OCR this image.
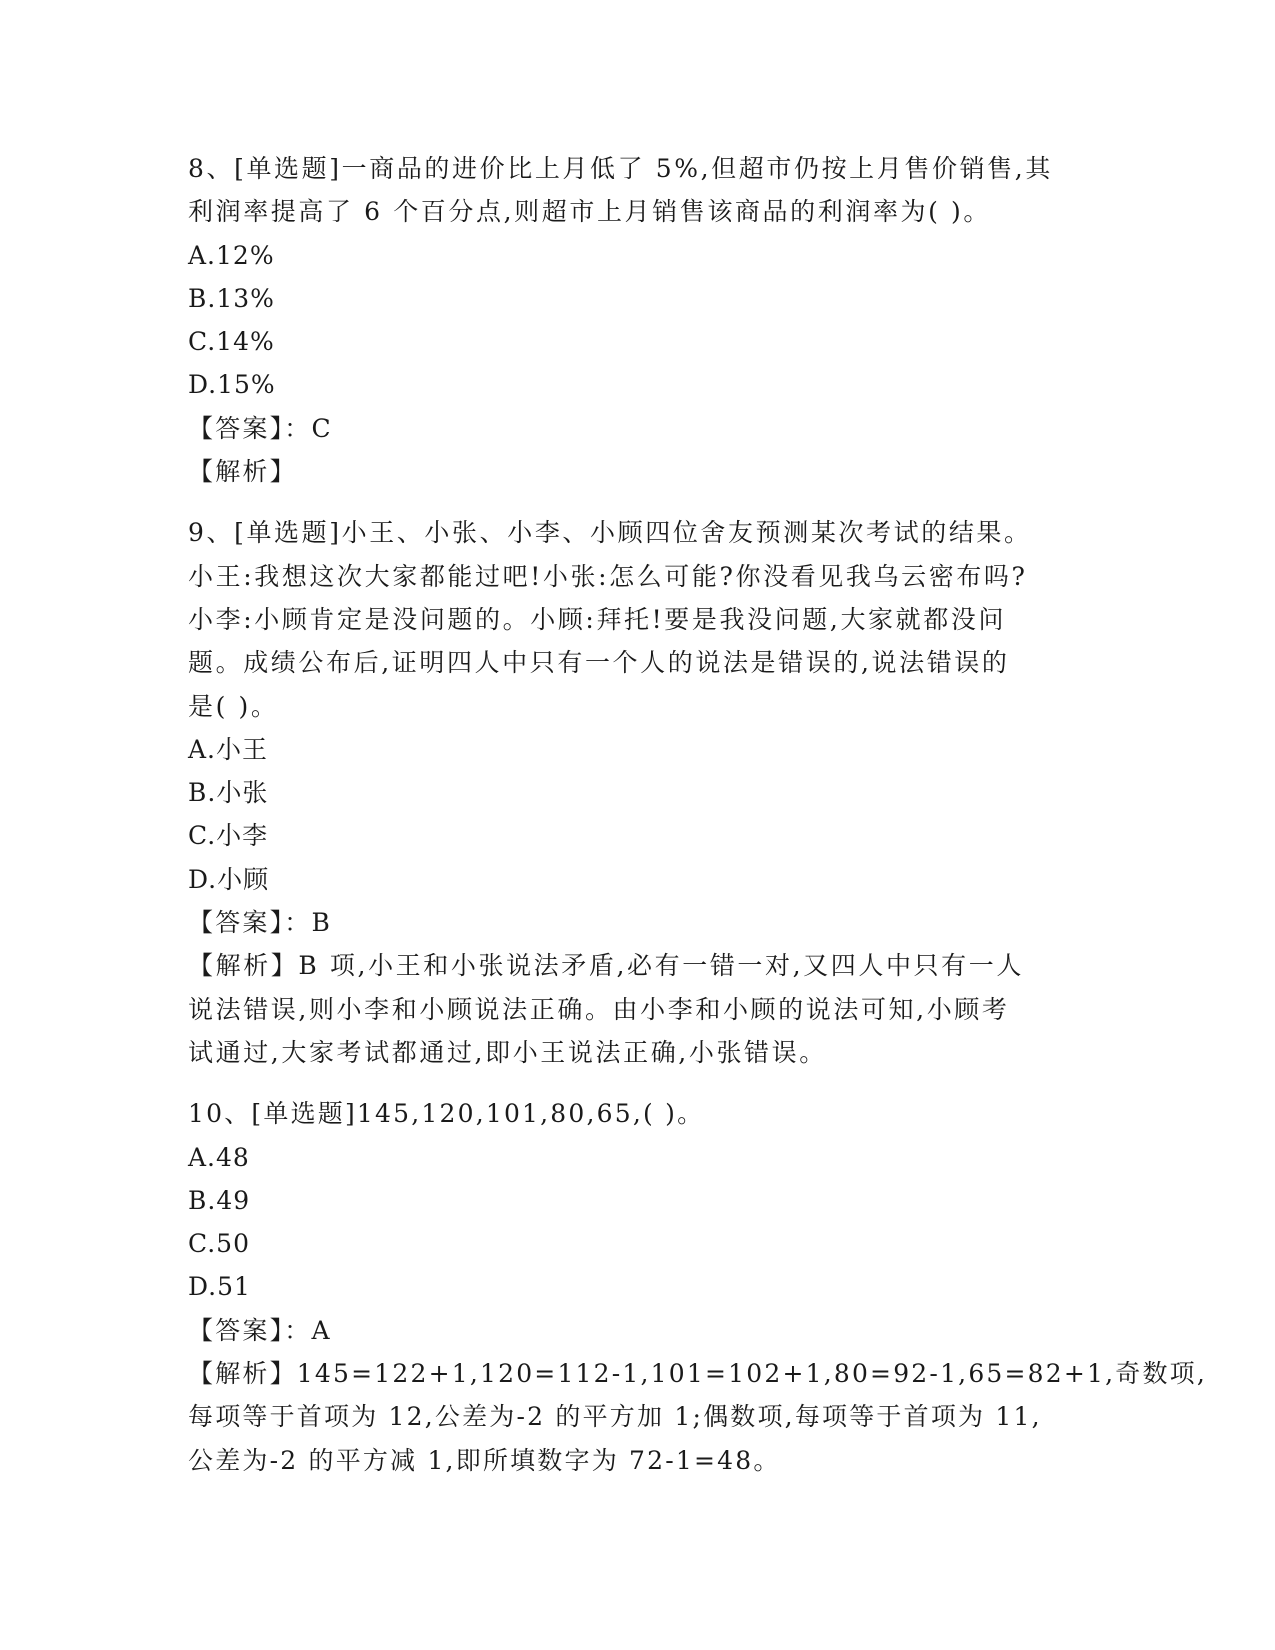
8、[单选题]一商品的进价比上月低了 5%,但超市仍按上月售价销售,其

利润率提高了 6 个百分点,则超市上月销售该商品的利润率为( )。

A.12%

B.13%

C.14%

D.15%

【答案】：C

【解析】

9、[单选题]小王、小张、小李、小顾四位舍友预测某次考试的结果。

小王:我想这次大家都能过吧!小张:怎么可能?你没看见我乌云密布吗?

小李:小顾肯定是没问题的。小顾:拜托!要是我没问题,大家就都没问

题。成绩公布后,证明四人中只有一个人的说法是错误的,说法错误的

是( )。

A.小王

B.小张

C.小李

D.小顾

【答案】：B

【解析】B 项,小王和小张说法矛盾,必有一错一对,又四人中只有一人

说法错误,则小李和小顾说法正确。由小李和小顾的说法可知,小顾考

试通过,大家考试都通过,即小王说法正确,小张错误。

10、[单选题]145,120,101,80,65,( )。

A.48

B.49

C.50

D.51

【答案】：A

【解析】145=122+1,120=112-1,101=102+1,80=92-1,65=82+1,奇数项,

每项等于首项为 12,公差为-2 的平方加 1;偶数项,每项等于首项为 11,

公差为-2 的平方减 1,即所填数字为 72-1=48。
